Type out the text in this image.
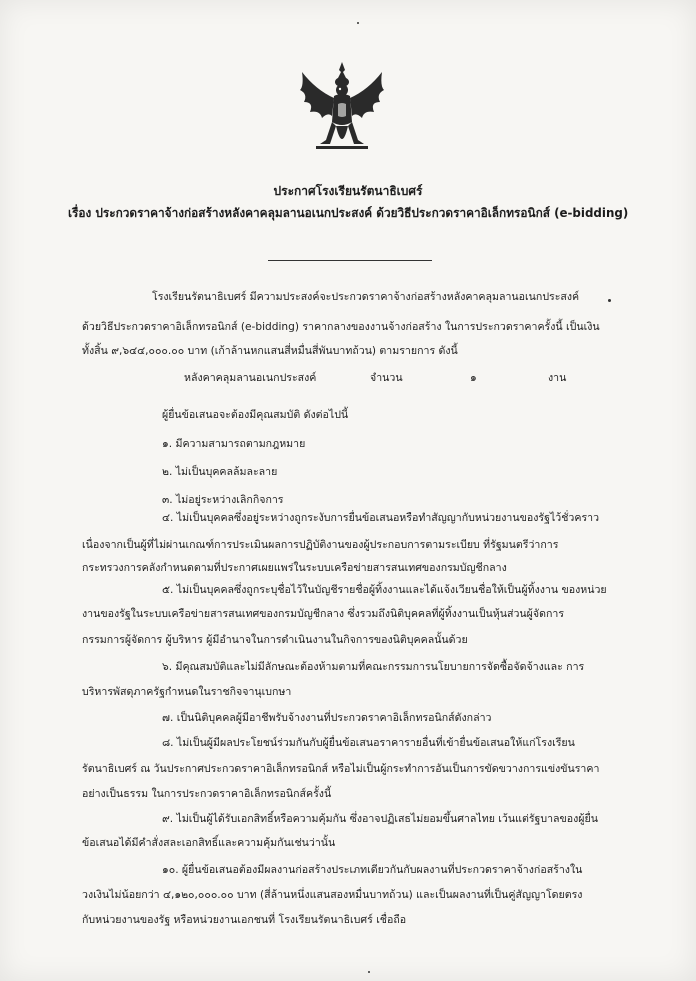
ประกาศโรงเรียนรัตนาธิเบศร์
เรื่อง ประกวดราคาจ้างก่อสร้างหลังคาคลุมลานอเนกประสงค์ ด้วยวิธีประกวดราคาอิเล็กทรอนิกส์ (e-bidding)
โรงเรียนรัตนาธิเบศร์ มีความประสงค์จะประกวดราคาจ้างก่อสร้างหลังคาคลุมลานอเนกประสงค์
ด้วยวิธีประกวดราคาอิเล็กทรอนิกส์ (e-bidding) ราคากลางของงานจ้างก่อสร้าง ในการประกวดราคาครั้งนี้ เป็นเงิน
ทั้งสิ้น ๙,๖๔๔,๐๐๐.๐๐ บาท (เก้าล้านหกแสนสี่หมื่นสี่พันบาทถ้วน) ตามรายการ ดังนี้
หลังคาคลุมลานอเนกประสงค์	จำนวน	๑	งาน
ผู้ยื่นข้อเสนอจะต้องมีคุณสมบัติ ดังต่อไปนี้
๑. มีความสามารถตามกฎหมาย
๒. ไม่เป็นบุคคลล้มละลาย
๓. ไม่อยู่ระหว่างเลิกกิจการ
๔. ไม่เป็นบุคคลซึ่งอยู่ระหว่างถูกระงับการยื่นข้อเสนอหรือทำสัญญากับหน่วยงานของรัฐไว้ชั่วคราว
เนื่องจากเป็นผู้ที่ไม่ผ่านเกณฑ์การประเมินผลการปฏิบัติงานของผู้ประกอบการตามระเบียบ ที่รัฐมนตรีว่าการ
กระทรวงการคลังกำหนดตามที่ประกาศเผยแพร่ในระบบเครือข่ายสารสนเทศของกรมบัญชีกลาง
๕. ไม่เป็นบุคคลซึ่งถูกระบุชื่อไว้ในบัญชีรายชื่อผู้ทิ้งงานและได้แจ้งเวียนชื่อให้เป็นผู้ทิ้งงาน ของหน่วย
งานของรัฐในระบบเครือข่ายสารสนเทศของกรมบัญชีกลาง ซึ่งรวมถึงนิติบุคคลที่ผู้ทิ้งงานเป็นหุ้นส่วนผู้จัดการ
กรรมการผู้จัดการ ผู้บริหาร ผู้มีอำนาจในการดำเนินงานในกิจการของนิติบุคคลนั้นด้วย
๖. มีคุณสมบัติและไม่มีลักษณะต้องห้ามตามที่คณะกรรมการนโยบายการจัดซื้อจัดจ้างและ การ
บริหารพัสดุภาครัฐกำหนดในราชกิจจานุเบกษา
๗. เป็นนิติบุคคลผู้มีอาชีพรับจ้างงานที่ประกวดราคาอิเล็กทรอนิกส์ดังกล่าว
๘. ไม่เป็นผู้มีผลประโยชน์ร่วมกันกับผู้ยื่นข้อเสนอราคารายอื่นที่เข้ายื่นข้อเสนอให้แก่โรงเรียน
รัตนาธิเบศร์ ณ วันประกาศประกวดราคาอิเล็กทรอนิกส์ หรือไม่เป็นผู้กระทำการอันเป็นการขัดขวางการแข่งขันราคา
อย่างเป็นธรรม ในการประกวดราคาอิเล็กทรอนิกส์ครั้งนี้
๙. ไม่เป็นผู้ได้รับเอกสิทธิ์หรือความคุ้มกัน ซึ่งอาจปฏิเสธไม่ยอมขึ้นศาลไทย เว้นแต่รัฐบาลของผู้ยื่น
ข้อเสนอได้มีคำสั่งสละเอกสิทธิ์และความคุ้มกันเช่นว่านั้น
๑๐. ผู้ยื่นข้อเสนอต้องมีผลงานก่อสร้างประเภทเดียวกันกับผลงานที่ประกวดราคาจ้างก่อสร้างใน
วงเงินไม่น้อยกว่า ๔,๑๒๐,๐๐๐.๐๐ บาท (สี่ล้านหนึ่งแสนสองหมื่นบาทถ้วน) และเป็นผลงานที่เป็นคู่สัญญาโดยตรง
กับหน่วยงานของรัฐ หรือหน่วยงานเอกชนที่ โรงเรียนรัตนาธิเบศร์ เชื่อถือ
